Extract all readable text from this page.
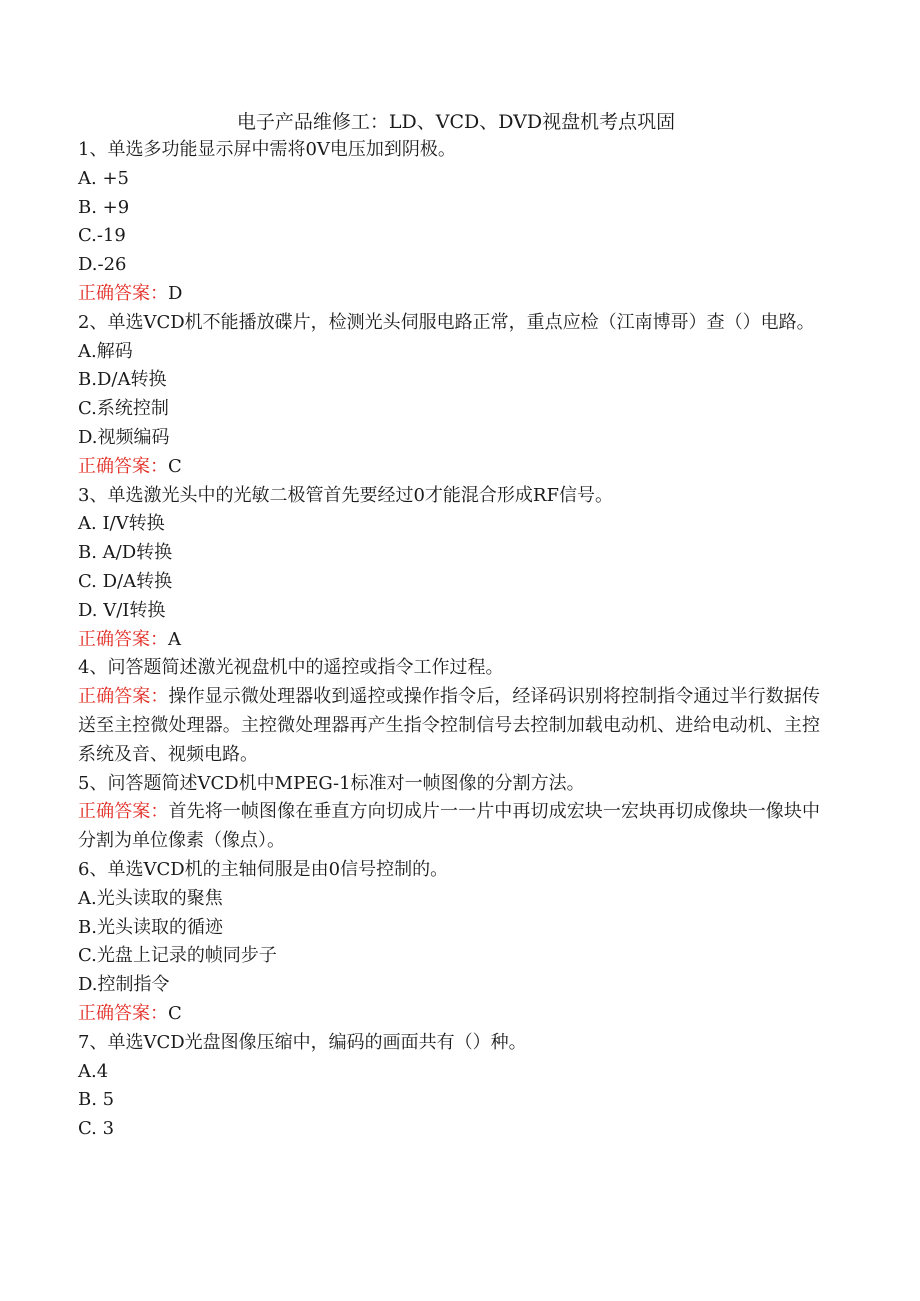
电子产品维修工：LD、VCD、DVD视盘机考点巩固

1、单选多功能显示屏中需将0V电压加到阴极。

A. +5

B. +9

C.-19

D.-26

正确答案：D

2、单选VCD机不能播放碟片，检测光头伺服电路正常，重点应检（江南博哥）查（）电路。

A.解码

B.D/A转换

C.系统控制

D.视频编码

正确答案：C

3、单选激光头中的光敏二极管首先要经过0才能混合形成RF信号。

A. I/V转换

B. A/D转换

C. D/A转换

D. V/I转换

正确答案：A

4、问答题简述激光视盘机中的遥控或指令工作过程。

正确答案：操作显示微处理器收到遥控或操作指令后，经译码识别将控制指令通过半行数据传送至主控微处理器。主控微处理器再产生指令控制信号去控制加载电动机、进给电动机、主控系统及音、视频电路。

5、问答题简述VCD机中MPEG-1标准对一帧图像的分割方法。

正确答案：首先将一帧图像在垂直方向切成片一一片中再切成宏块一宏块再切成像块一像块中分割为单位像素（像点）。

6、单选VCD机的主轴伺服是由0信号控制的。

A.光头读取的聚焦

B.光头读取的循迹

C.光盘上记录的帧同步子

D.控制指令

正确答案：C

7、单选VCD光盘图像压缩中，编码的画面共有（）种。

A.4

B. 5

C. 3
